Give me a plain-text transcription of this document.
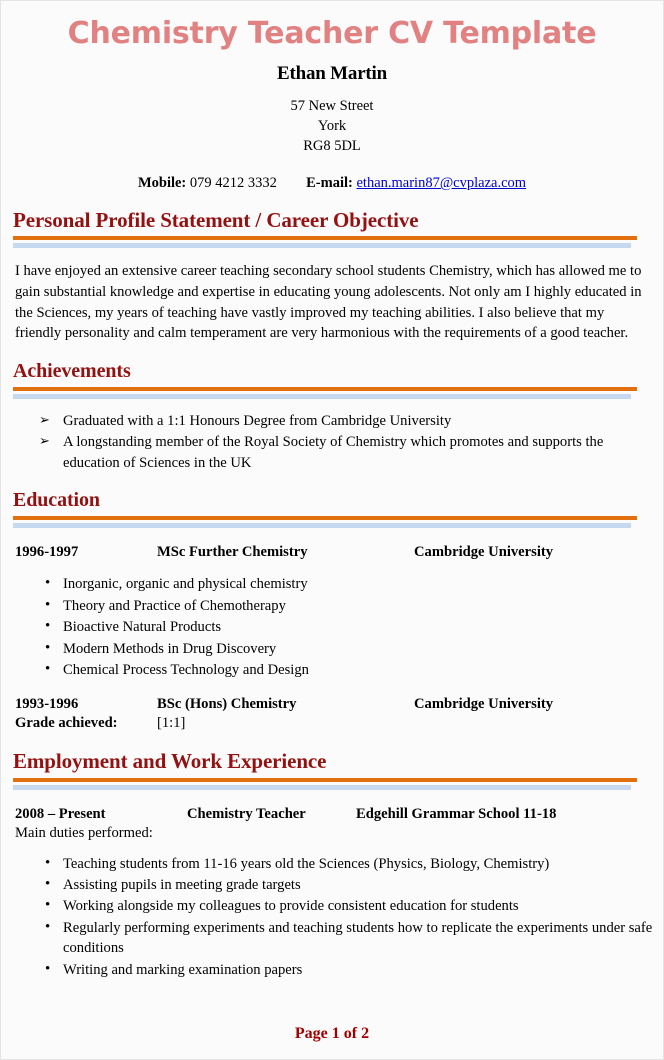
Chemistry Teacher CV Template
Ethan Martin
57 New Street
York
RG8 5DL
Mobile: 079 4212 3332 E-mail: ethan.marin87@cvplaza.com
Personal Profile Statement / Career Objective
I have enjoyed an extensive career teaching secondary school students Chemistry, which has allowed me to gain substantial knowledge and expertise in educating young adolescents. Not only am I highly educated in the Sciences, my years of teaching have vastly improved my teaching abilities. I also believe that my friendly personality and calm temperament are very harmonious with the requirements of a good teacher.
Achievements
➢ Graduated with a 1:1 Honours Degree from Cambridge University
➢ A longstanding member of the Royal Society of Chemistry which promotes and supports the education of Sciences in the UK
Education
1996-1997	MSc Further Chemistry	Cambridge University
• Inorganic, organic and physical chemistry
• Theory and Practice of Chemotherapy
• Bioactive Natural Products
• Modern Methods in Drug Discovery
• Chemical Process Technology and Design
1993-1996	BSc (Hons) Chemistry	Cambridge University
Grade achieved:	[1:1]
Employment and Work Experience
2008 – Present	Chemistry Teacher	Edgehill Grammar School 11-18
Main duties performed:
• Teaching students from 11-16 years old the Sciences (Physics, Biology, Chemistry)
• Assisting pupils in meeting grade targets
• Working alongside my colleagues to provide consistent education for students
• Regularly performing experiments and teaching students how to replicate the experiments under safe conditions
• Writing and marking examination papers
Page 1 of 2
